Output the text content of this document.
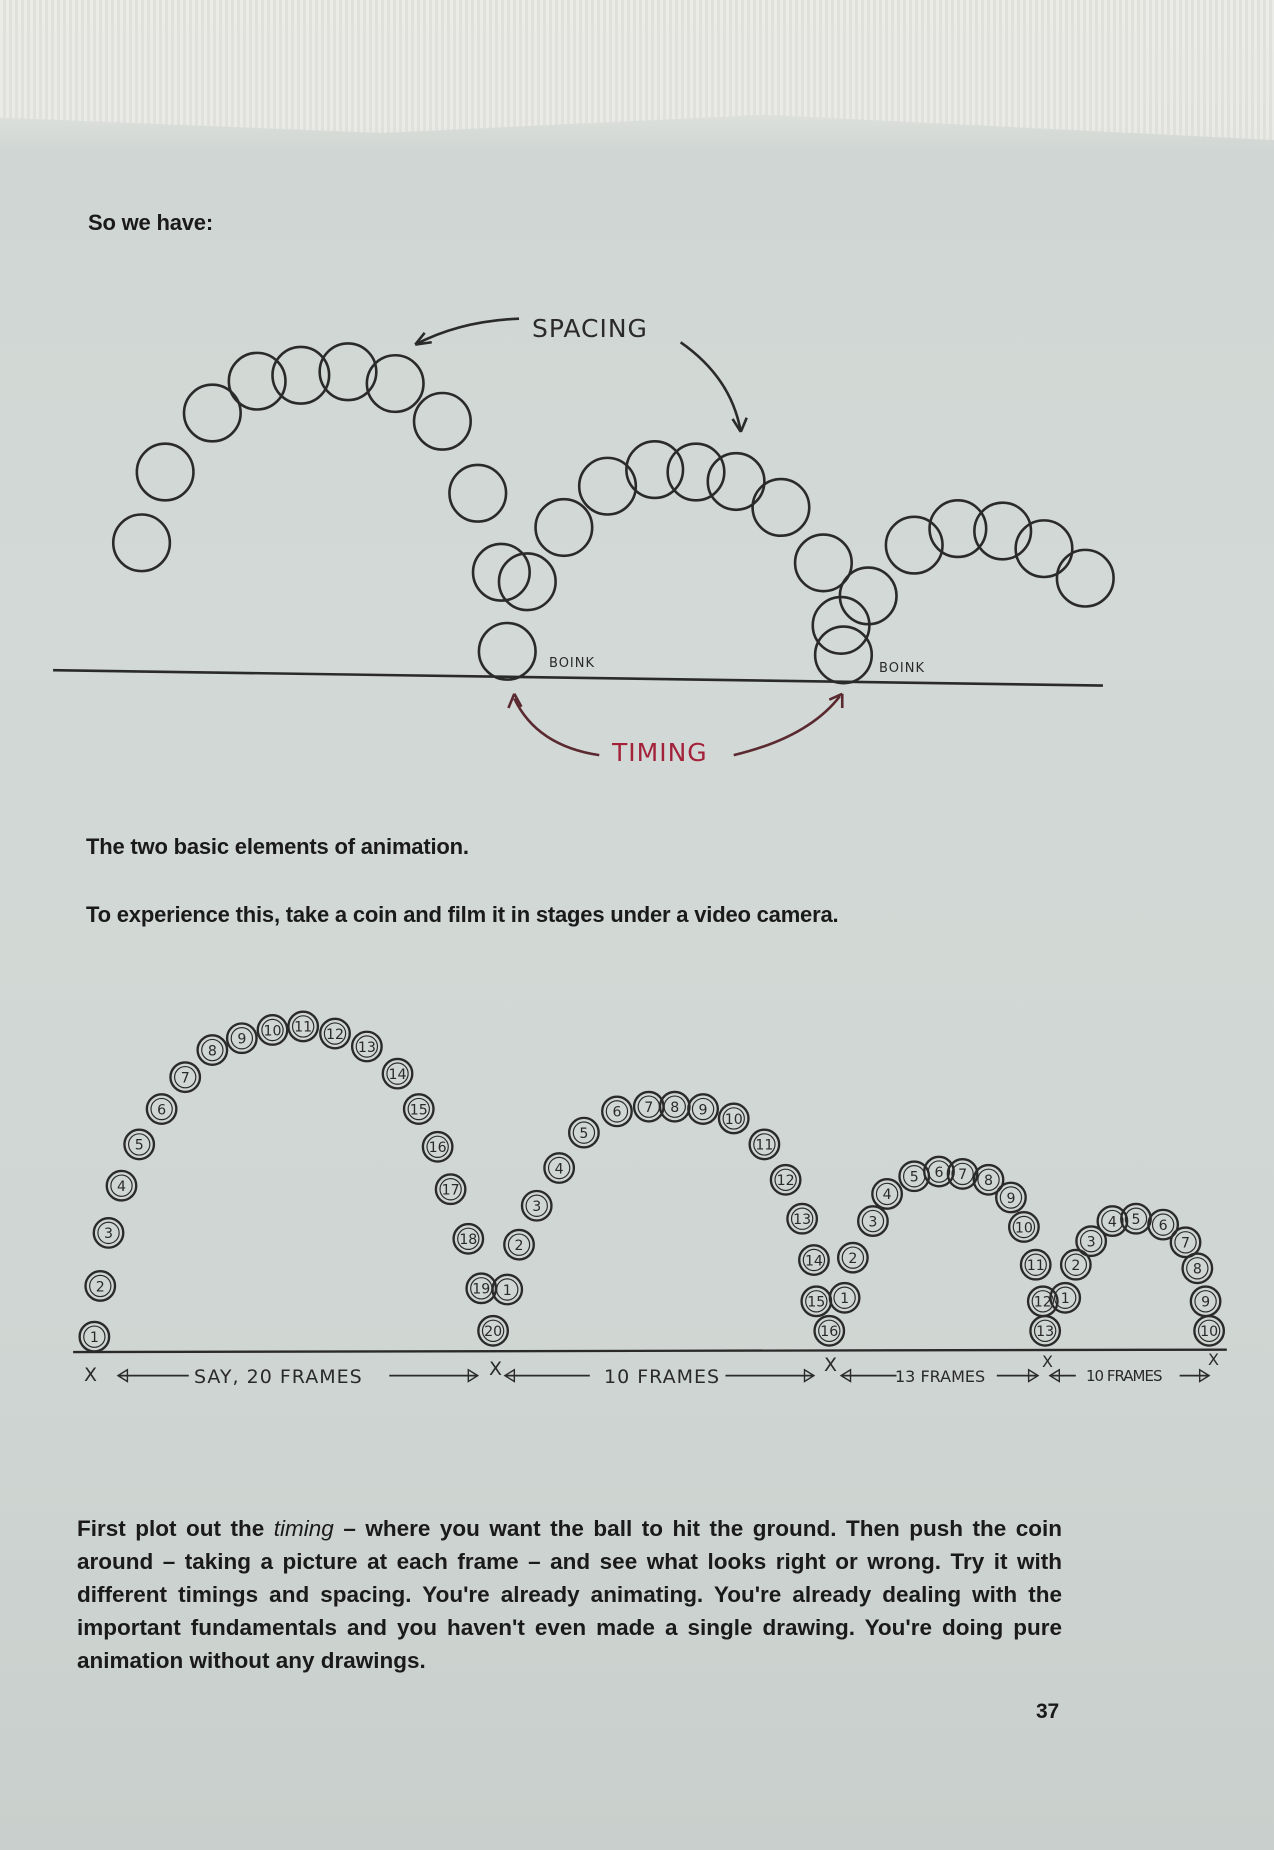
1
2
3
4
5
6
7
8
9
10 11 12
13
14
15
16
17
18
19
20
1
2
3
4
5
6 7 8 9
10
11
12
13
14
15
16
1
2
3
4
5 6 7 8
9
10
11
12
13
1
2
3
4 5 6
7
8
9
10
So we have:
SPACING
BOINK	BOINK
TIMING
The two basic elements of animation.
To experience this, take a coin and film it in stages under a video camera.
X	SAY, 20 FRAMES	X	10 FRAMES
X
13 FRAMES
X
10 FRAMES
X
First plot out the timing – where you want the ball to hit the ground. Then push the coin around – taking a picture at each frame – and see what looks right or wrong. Try it with different timings and spacing. You're already animating. You're already dealing with the important fundamentals and you haven't even made a single drawing. You're doing pure animation without any drawings.
37
